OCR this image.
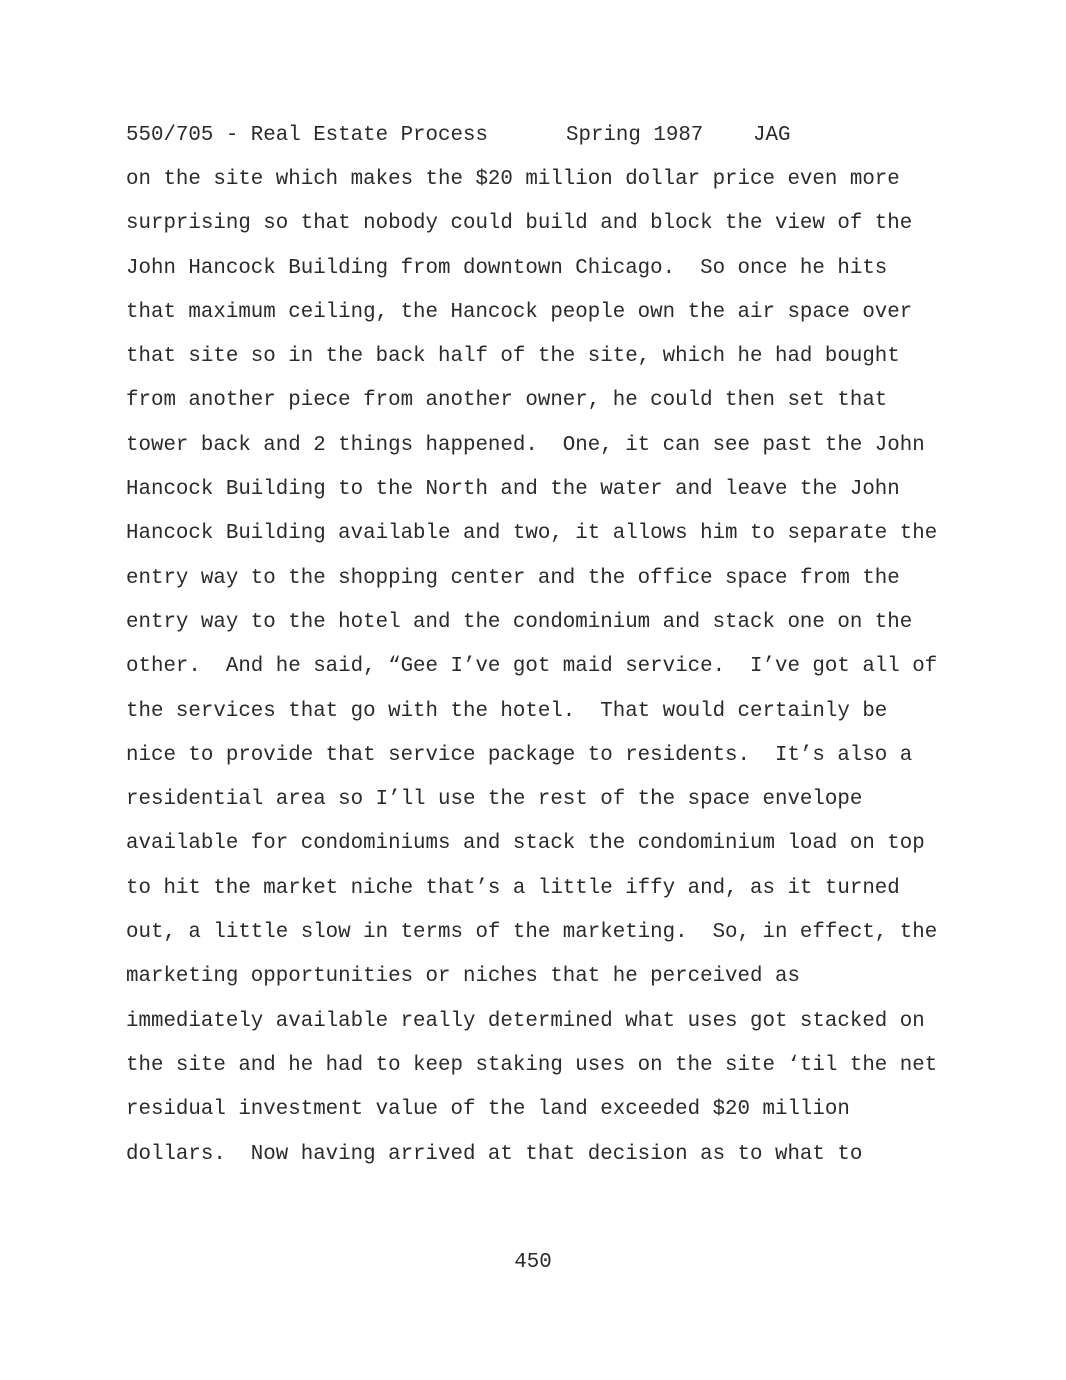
550/705 - Real Estate Process	Spring 1987 JAG
on the site which makes the $20 million dollar price even more
surprising so that nobody could build and block the view of the
John Hancock Building from downtown Chicago.  So once he hits
that maximum ceiling, the Hancock people own the air space over
that site so in the back half of the site, which he had bought
from another piece from another owner, he could then set that
tower back and 2 things happened.  One, it can see past the John
Hancock Building to the North and the water and leave the John
Hancock Building available and two, it allows him to separate the
entry way to the shopping center and the office space from the
entry way to the hotel and the condominium and stack one on the
other.  And he said, “Gee I’ve got maid service.  I’ve got all of
the services that go with the hotel.  That would certainly be
nice to provide that service package to residents.  It’s also a
residential area so I’ll use the rest of the space envelope
available for condominiums and stack the condominium load on top
to hit the market niche that’s a little iffy and, as it turned
out, a little slow in terms of the marketing.  So, in effect, the
marketing opportunities or niches that he perceived as
immediately available really determined what uses got stacked on
the site and he had to keep staking uses on the site ‘til the net
residual investment value of the land exceeded $20 million
dollars.  Now having arrived at that decision as to what to
450
